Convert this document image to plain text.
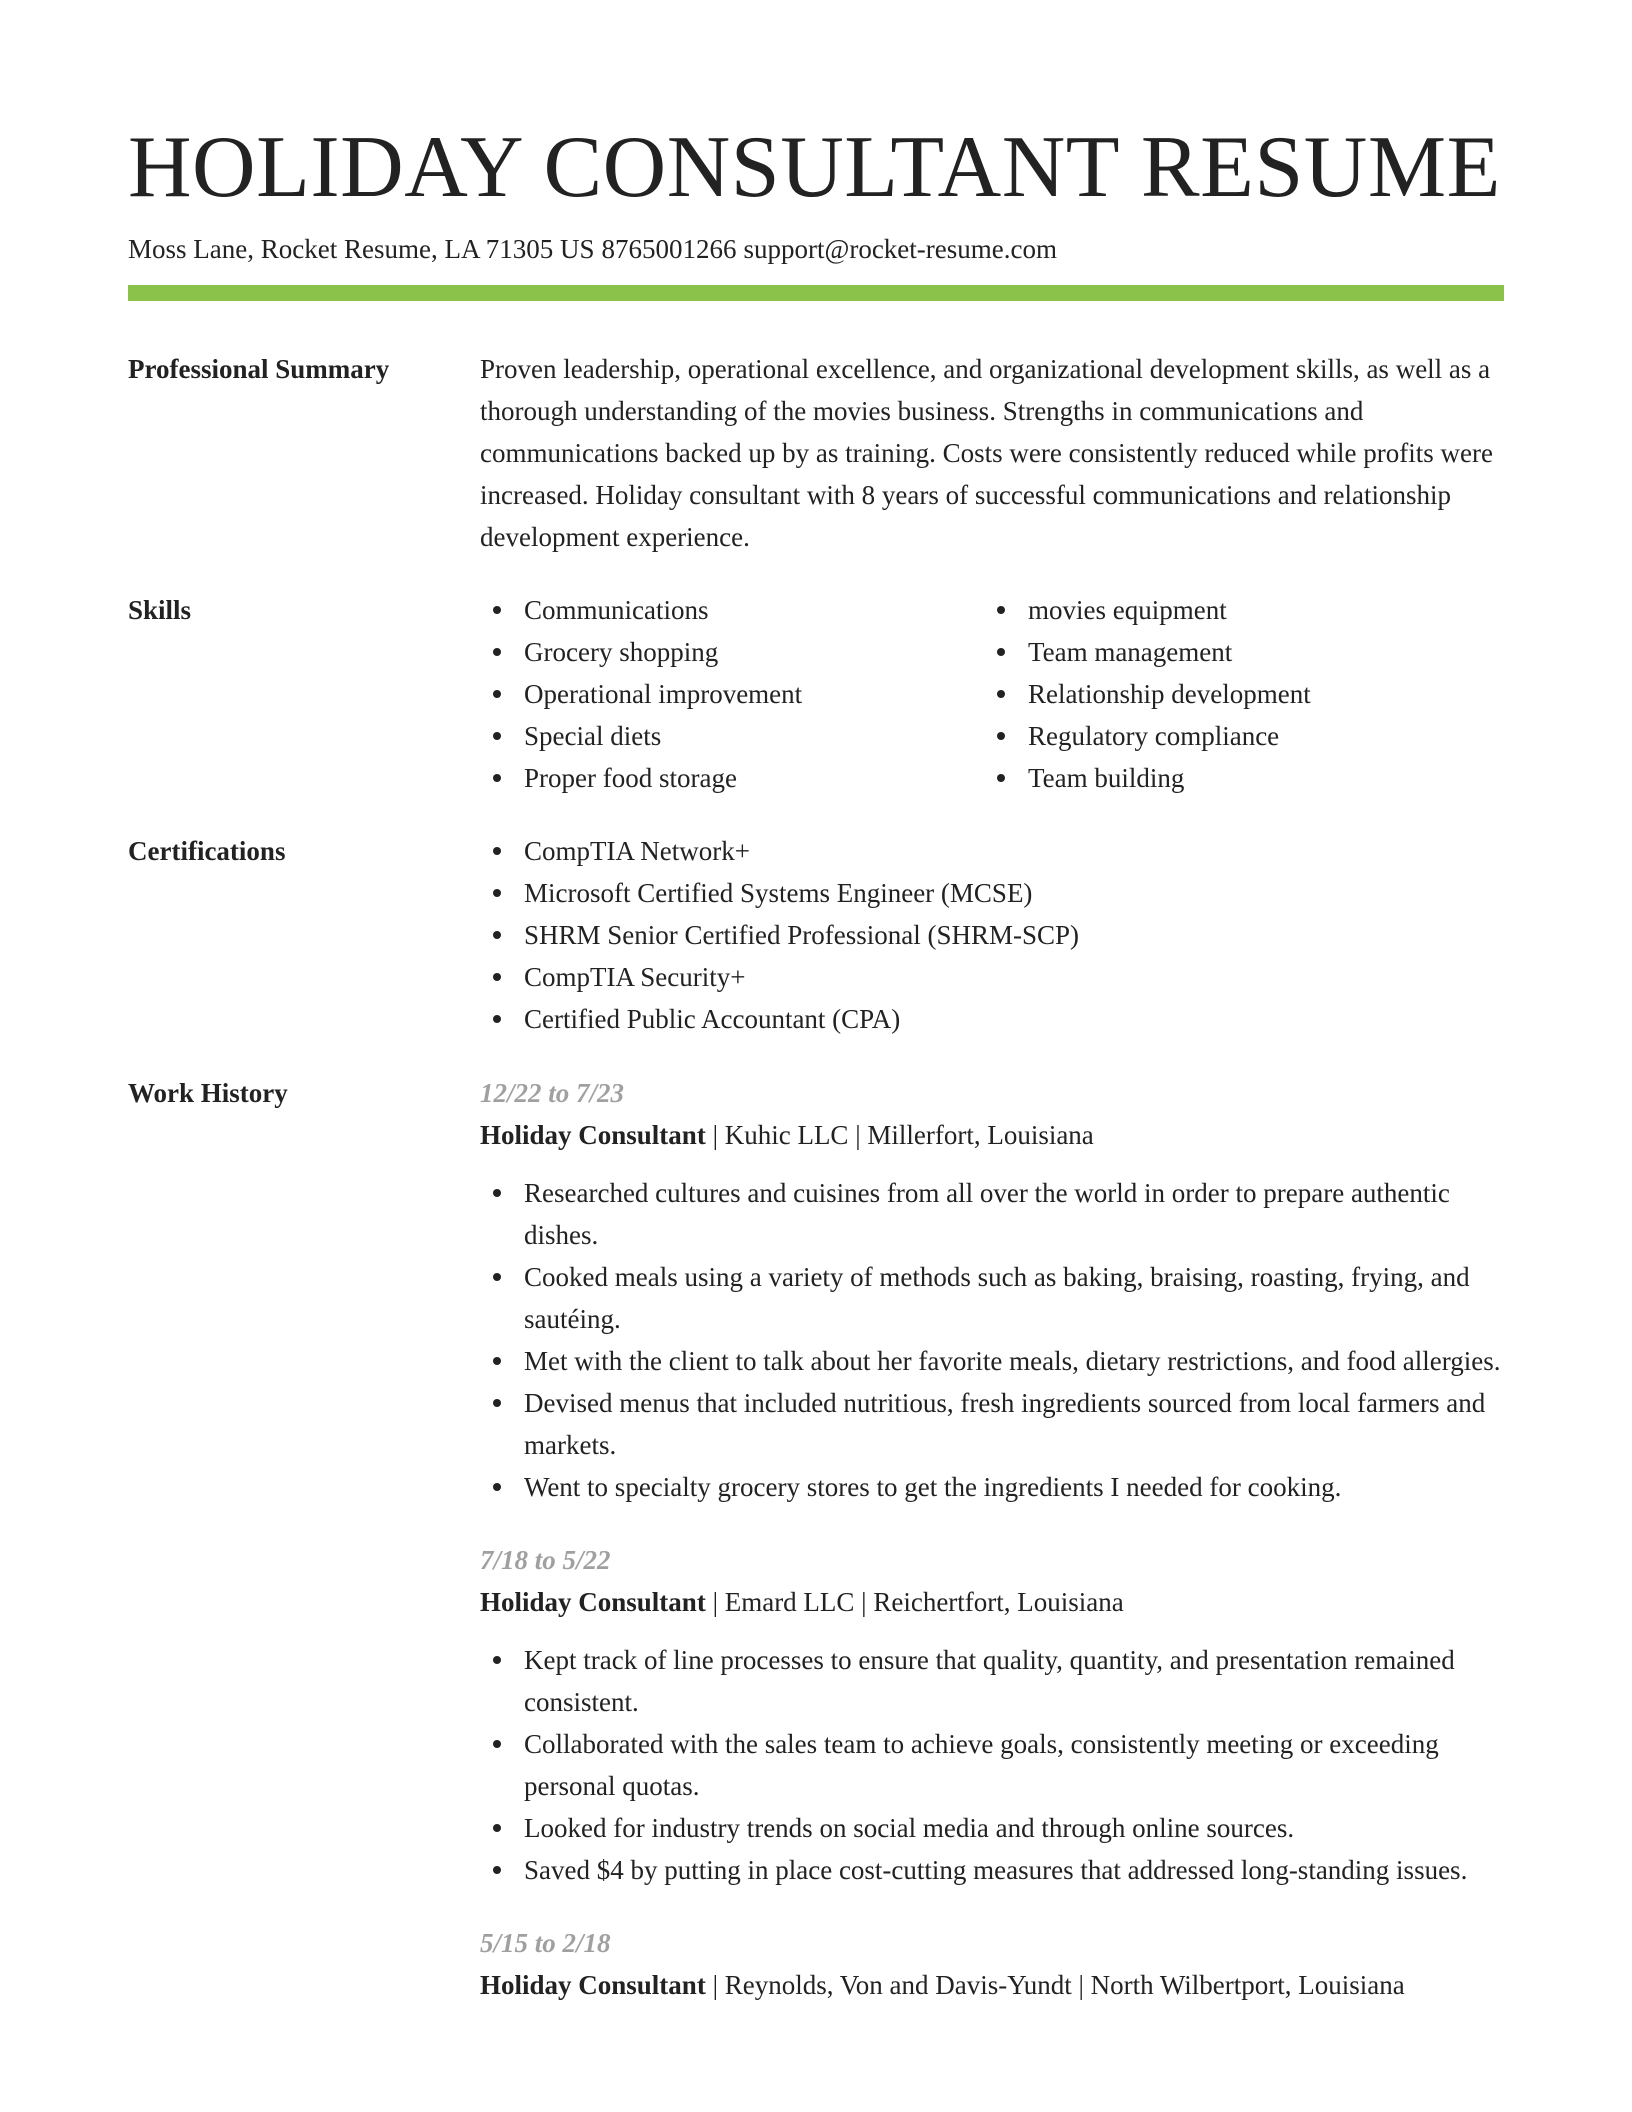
HOLIDAY CONSULTANT RESUME
Moss Lane, Rocket Resume, LA 71305 US 8765001266 support@rocket-resume.com
Professional Summary	Proven leadership, operational excellence, and organizational development skills, as well as a thorough understanding of the movies business. Strengths in communications and communications backed up by as training. Costs were consistently reduced while profits were increased. Holiday consultant with 8 years of successful communications and relationship development experience.

Skills	Communications
Grocery shopping
Operational improvement
Special diets
Proper food storage
movies equipment
Team management
Relationship development
Regulatory compliance
Team building
Certifications	CompTIA Network+
Microsoft Certified Systems Engineer (MCSE)
SHRM Senior Certified Professional (SHRM-SCP)
CompTIA Security+
Certified Public Accountant (CPA)
Work History	12/22 to 7/23
Holiday Consultant | Kuhic LLC | Millerfort, Louisiana
Researched cultures and cuisines from all over the world in order to prepare authentic dishes.
Cooked meals using a variety of methods such as baking, braising, roasting, frying, and sautéing.
Met with the client to talk about her favorite meals, dietary restrictions, and food allergies.
Devised menus that included nutritious, fresh ingredients sourced from local farmers and markets.
Went to specialty grocery stores to get the ingredients I needed for cooking.
7/18 to 5/22
Holiday Consultant | Emard LLC | Reichertfort, Louisiana
Kept track of line processes to ensure that quality, quantity, and presentation remained consistent.
Collaborated with the sales team to achieve goals, consistently meeting or exceeding personal quotas.
Looked for industry trends on social media and through online sources.
Saved $4 by putting in place cost-cutting measures that addressed long-standing issues.
5/15 to 2/18
Holiday Consultant | Reynolds, Von and Davis-Yundt | North Wilbertport, Louisiana
